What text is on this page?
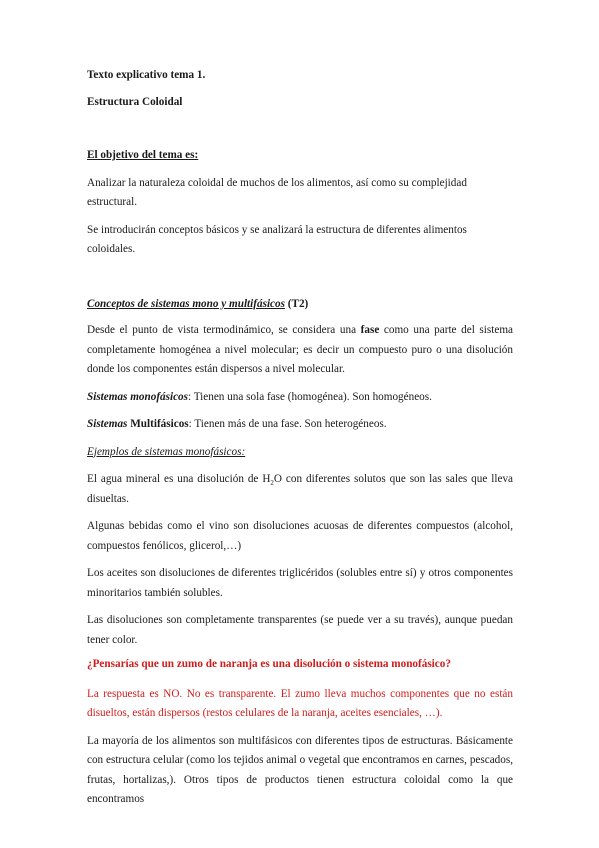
Texto explicativo tema 1.

Estructura Coloidal

El objetivo del tema es:

Analizar la naturaleza coloidal de muchos de los alimentos, así como su complejidad estructural.

Se introducirán conceptos básicos y se analizará la estructura de diferentes alimentos coloidales.

Conceptos de sistemas mono y multifásicos (T2)

Desde el punto de vista termodinámico, se considera una fase como una parte del sistema completamente homogénea a nivel molecular; es decir un compuesto puro o una disolución donde los componentes están dispersos a nivel molecular.

Sistemas monofásicos: Tienen una sola fase (homogénea). Son homogéneos.

Sistemas Multifásicos: Tienen más de una fase. Son heterogéneos.

Ejemplos de sistemas monofásicos:

El agua mineral es una disolución de $H_2O$ con diferentes solutos que son las sales que lleva disueltas.

Algunas bebidas como el vino son disoluciones acuosas de diferentes compuestos (alcohol, compuestos fenólicos, glicerol,…)

Los aceites son disoluciones de diferentes triglicéridos (solubles entre sí) y otros componentes minoritarios también solubles.

Las disoluciones son completamente transparentes (se puede ver a su través), aunque puedan tener color.

¿Pensarías que un zumo de naranja es una disolución o sistema monofásico?

La respuesta es NO. No es transparente. El zumo lleva muchos componentes que no están disueltos, están dispersos (restos celulares de la naranja, aceites esenciales, …).

La mayoría de los alimentos son multifásicos con diferentes tipos de estructuras. Básicamente con estructura celular (como los tejidos animal o vegetal que encontramos en carnes, pescados, frutas, hortalizas,). Otros tipos de productos tienen estructura coloidal como la que encontramos
